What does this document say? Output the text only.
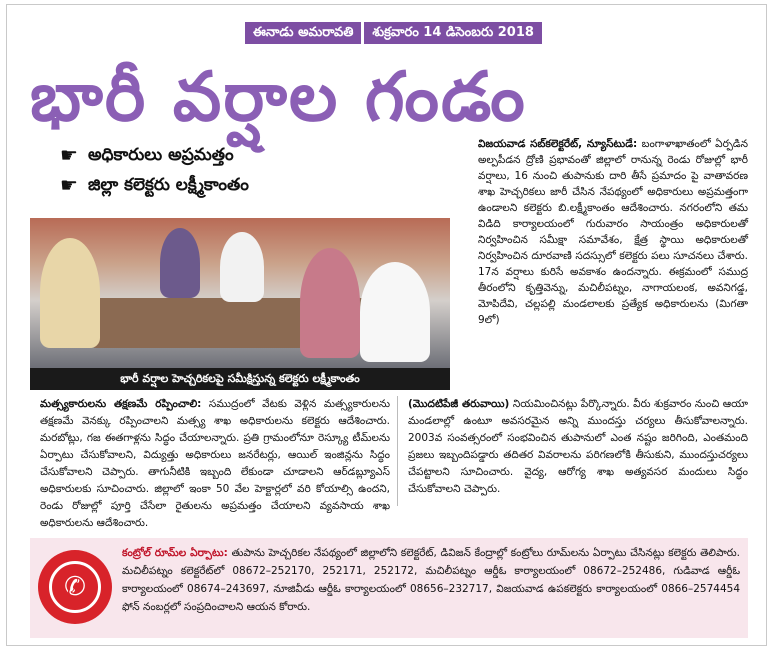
ఈనాడు అమరావతి	శుక్రవారం 14 డిసెంబరు 2018
భారీ వర్షాల గండం
☛ అధికారులు అప్రమత్తం
☛ జిల్లా కలెక్టరు లక్ష్మీకాంతం
భారీ వర్షాల హెచ్చరికలపై సమీక్షిస్తున్న కలెక్టరు లక్ష్మీకాంతం
విజయవాడ సబ్‌కలెక్టరేట్, న్యూస్‌టుడే: బంగాళాఖాతంలో ఏర్పడిన అల్పపీడన ద్రోణి ప్రభావంతో జిల్లాలో రానున్న రెండు రోజుల్లో భారీ వర్షాలు, 16 నుంచి తుపానుకు దారి తీసే ప్రమాదం పై వాతావరణ శాఖ హెచ్చరికలు జారీ చేసిన నేపథ్యంలో అధికారులు అప్రమత్తంగా ఉండాలని కలెక్టరు బి.లక్ష్మీకాంతం ఆదేశించారు. నగరంలోని తమ విడిది కార్యాలయంలో గురువారం సాయంత్రం అధికారులతో నిర్వహించిన సమీక్షా సమావేశం, క్షేత్ర స్థాయి అధికారులతో నిర్వహించిన దూరవాణి సదస్సులో కలెక్టరు పలు సూచనలు చేశారు. 17న వర్షాలు కురిసే అవకాశం ఉందన్నారు. ఈక్రమంలో సముద్ర తీరంలోని కృత్తివెన్ను, మచిలీపట్నం, నాగాయలంక, అవనిగడ్డ, మోపిదేవి, చల్లపల్లి మండలాలకు ప్రత్యేక అధికారులను (మిగతా 9లో)
మత్స్యకారులను తక్షణమే రప్పించాలి: సముద్రంలో వేటకు వెళ్లిన మత్స్యకారులను తక్షణమే వెనక్కు రప్పించాలని మత్స్య శాఖ అధికారులను కలెక్టరు ఆదేశించారు. మరబోట్లు, గజ ఈతగాళ్లను సిద్ధం చేయాలన్నారు. ప్రతి గ్రామంలోనూ రెస్క్యూ టీమ్‌లను ఏర్పాటు చేసుకోవాలని, విద్యుత్తు అధికారులు జనరేటర్లు, ఆయిల్ ఇంజిన్లను సిద్ధం చేసుకోవాలని చెప్పారు. తాగునీటికి ఇబ్బంది లేకుండా చూడాలని ఆర్‌డబ్ల్యూఎస్ అధికారులకు సూచించారు. జిల్లాలో ఇంకా 50 వేల హెక్టార్లలో వరి కోయాల్సి ఉందని, రెండు రోజుల్లో పూర్తి చేసేలా రైతులను అప్రమత్తం చేయాలని వ్యవసాయ శాఖ అధికారులను ఆదేశించారు.
(మొదటిపేజీ తరువాయి) నియమించినట్లు పేర్కొన్నారు. వీరు శుక్రవారం నుంచి ఆయా మండలాల్లో ఉంటూ అవసరమైన అన్ని ముందస్తు చర్యలు తీసుకోవాలన్నారు. 2003వ సంవత్సరంలో సంభవించిన తుపానులో ఎంత నష్టం జరిగింది, ఎంతమంది ప్రజలు ఇబ్బందిపడ్డారు తదితర వివరాలను పరిగణలోకి తీసుకుని, ముందస్తుచర్యలు చేపట్టాలని సూచించారు. వైద్య, ఆరోగ్య శాఖ అత్యవసర మందులు సిద్ధం చేసుకోవాలని చెప్పారు.
✆
కంట్రోల్ రూమ్‌ల ఏర్పాటు: తుపాను హెచ్చరికల నేపథ్యంలో జిల్లాలోని కలెక్టరేట్, డివిజన్ కేంద్రాల్లో కంట్రోలు రూమ్‌లను ఏర్పాటు చేసినట్లు కలెక్టరు తెలిపారు. మచిలీపట్నం కలెక్టరేట్‌లో 08672–252170, 252171, 252172, మచిలీపట్నం ఆర్డీఓ కార్యాలయంలో 08672–252486, గుడివాడ ఆర్డీఓ కార్యాలయంలో 08674–243697, నూజివీడు ఆర్డీఓ కార్యాలయంలో 08656–232717, విజయవాడ ఉపకలెక్టరు కార్యాలయంలో 0866–2574454 ఫోన్ నంబర్లలో సంప్రదించాలని ఆయన కోరారు.
